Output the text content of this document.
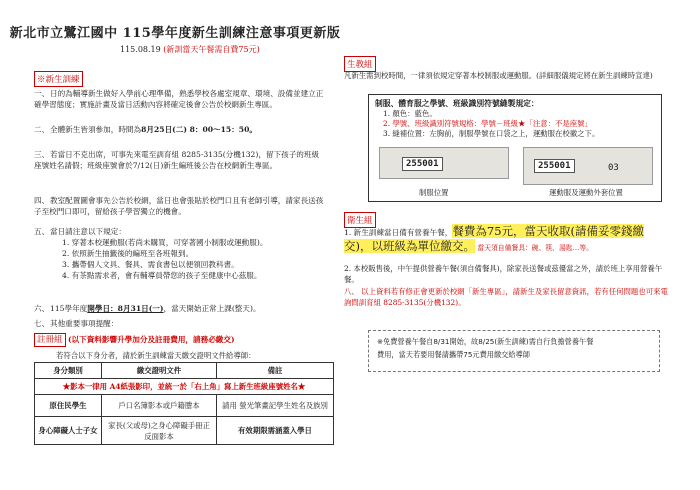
新北市立鷺江國中 115學年度新生訓練注意事項更新版
115.08.19 (新訓當天午餐需自費75元)
※新生訓練
一、日的為輔導新生做好入學前心理準備，熟悉學校各處室規章、環境、設備並建立正確學習態度；實施計畫及當日活動內容將確定後會公告於校網新生專區。
二、全體新生皆須參加，時間為8月25日(二) 8：00～15：50。
三、若當日不克出席，可事先來電至訓育組 8285-3135(分機132)，留下孩子的班級座號姓名請假；班級座號會於7/12(日)新生編班後公告在校網新生專區。
四、教室配置圖會事先公告於校網，當日也會張貼於校門口且有老師引導，請家長送孩子至校門口即可，留給孩子學習獨立的機會。
五、當日請注意以下規定：
1. 穿著本校運動服(若尚未購買，可穿著國小制服或運動服)。
2. 依照新生抽籤後的編班至各班報到。
3. 攜帶個人文具、餐具、需食書包以便領回教科書。
4. 有茶點需求者，會有輔導員帶您的孩子至健康中心茲服。
六、115學年度開學日：8月31日(一)，當天開始正常上課(整天)。
七、其他重要事項提醒：
註冊組 (以下資料影響升學加分及註冊費用，請務必繳交)
若符合以下身分者，請於新生訓練當天繳交證明文件給導師：
身分類別	繳交證明文件	備註
★影本一律用 A4紙張影印，並統一於「右上角」寫上新生班級座號姓名★		
原住民學生	戶口名簿影本或戶籍謄本	請用 螢光筆畫記學生姓名及族別
身心障礙人士子女	家長(父或母)之身心障礙手冊正反面影本	有效期限需涵蓋入學日
生教組
凡新生需到校時間，一律須依規定穿著本校制服或運動服。(詳細服儀規定將在新生訓練時宣達)
制服、體育服之學號、班級識別符號縫製規定：
1. 顏色：藍色。
2. 學號、班級識別符號規格：學號－班級★「注意：不是座號」
3. 縫補位置：左胸前，制服學號在口袋之上，運動服在校徽之下。
255001	255001	03
制服位置	運動服及運動外套位置
衛生組
1. 新生訓練當日備有營養午餐，餐費為75元，當天收取(請備妥零錢繳交)，以班級為單位繳交。 當天須自備餐具：碗、筷、湯匙…等。
2. 本校販售後，中午提供營養午餐(須自備餐具)，除家長送餐或茲優當之外，請於班上享用營養午餐。
八、 以上資料若有修正會更新於校網「新生專區」，請新生及家長留意資訊，若有任何問題也可來電詢問訓育組 8285-3135(分機132)。
※免費營養午餐自8/31開始，故8/25(新生訓練)需自行負擔營養午餐
費用，當天若要用餐請攜帶75元費用繳交給導師
